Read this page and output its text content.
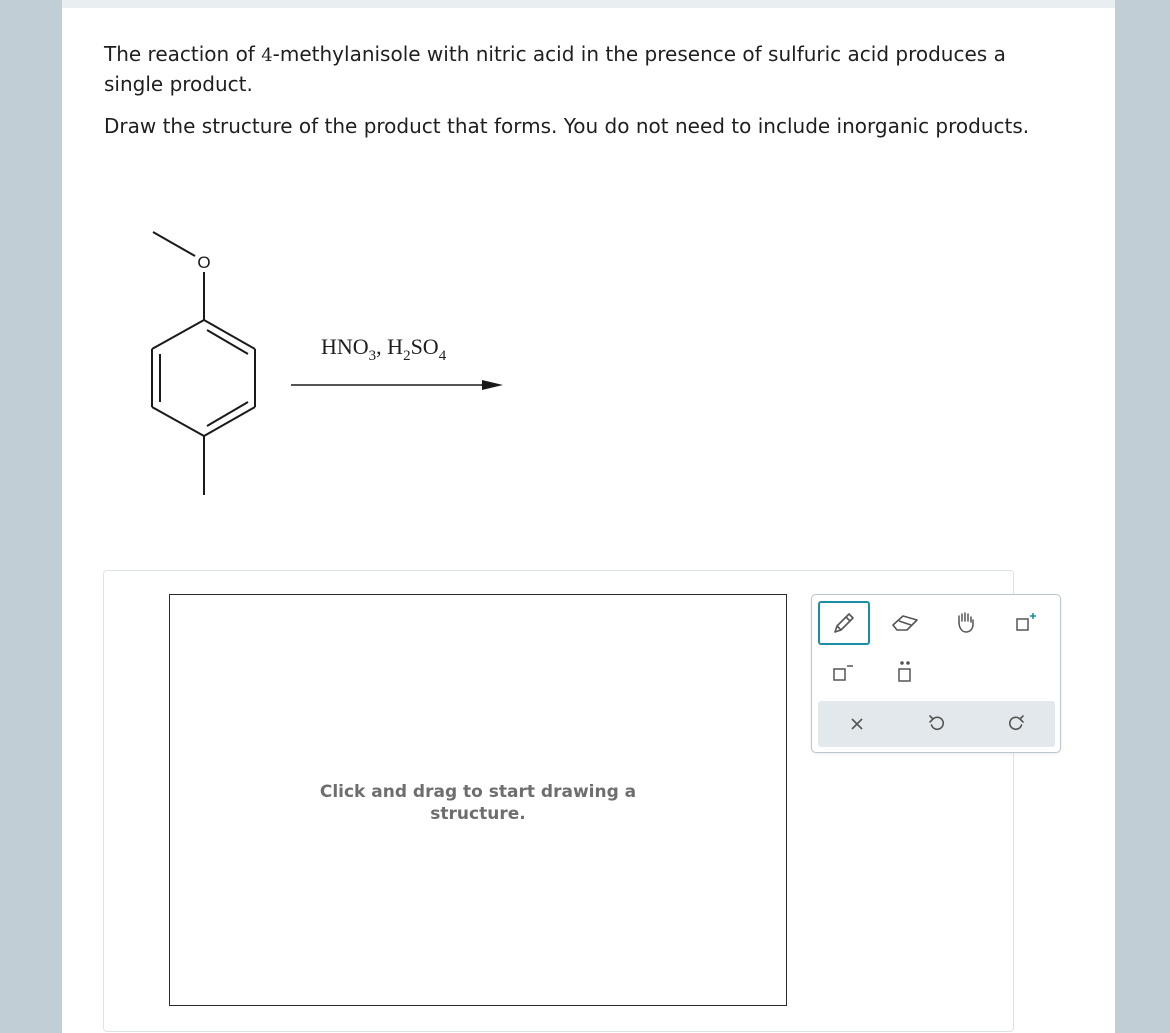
The reaction of 4-methylanisole with nitric acid in the presence of sulfuric acid produces a single product.

Draw the structure of the product that forms. You do not need to include inorganic products.

O
$HNO_3$, $H_2SO_4$
Click and drag to start drawing a
structure.
